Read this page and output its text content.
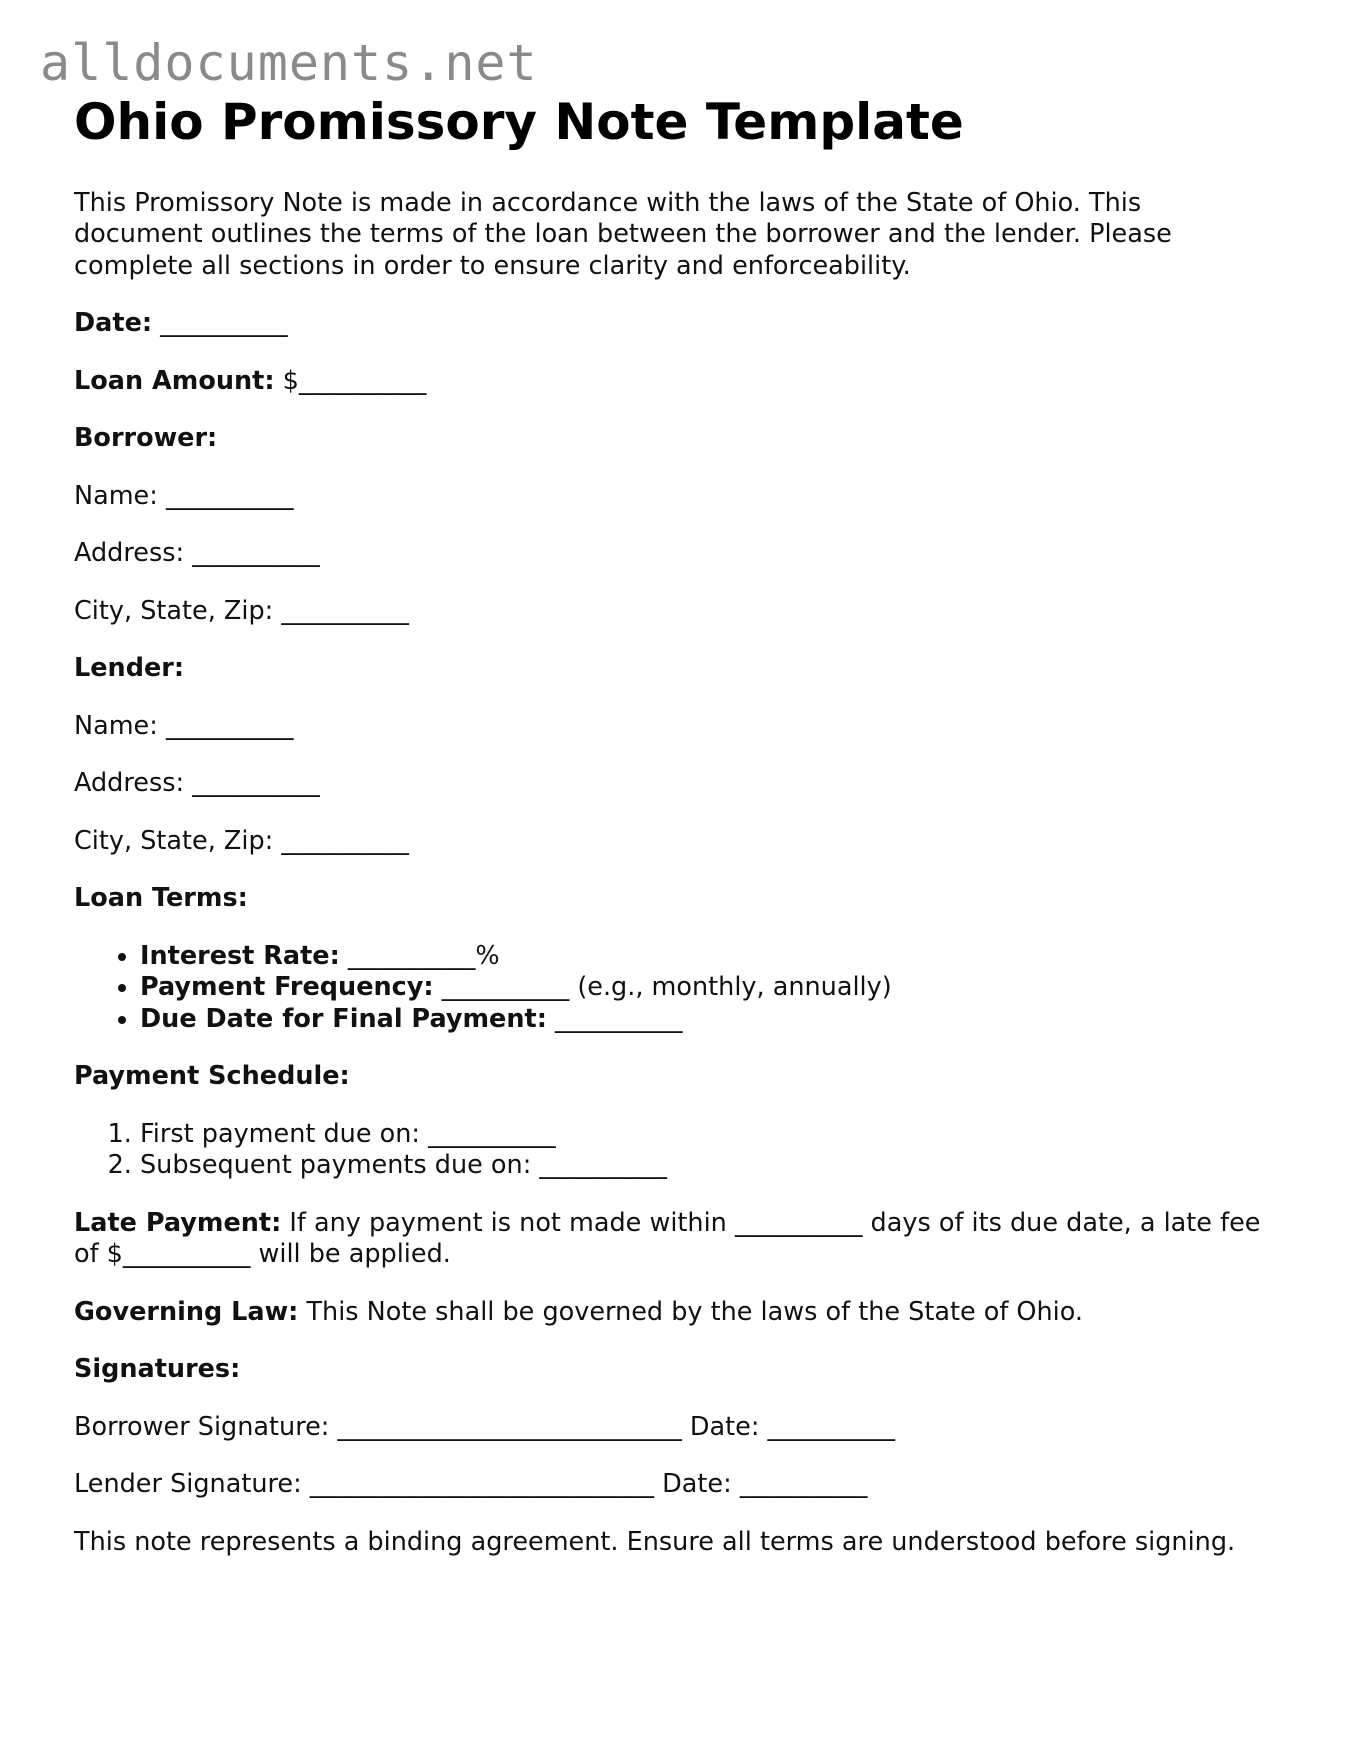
alldocuments.net
Ohio Promissory Note Template

This Promissory Note is made in accordance with the laws of the State of Ohio. This document outlines the terms of the loan between the borrower and the lender. Please complete all sections in order to ensure clarity and enforceability.

Date: __________

Loan Amount: $__________

Borrower:

Name: __________

Address: __________

City, State, Zip: __________

Lender:

Name: __________

Address: __________

City, State, Zip: __________

Loan Terms:

• Interest Rate: __________%
• Payment Frequency: __________ (e.g., monthly, annually)
• Due Date for Final Payment: __________

Payment Schedule:

1. First payment due on: __________
2. Subsequent payments due on: __________

Late Payment: If any payment is not made within __________ days of its due date, a late fee of $__________ will be applied.

Governing Law: This Note shall be governed by the laws of the State of Ohio.

Signatures:

Borrower Signature: ___________________________ Date: __________

Lender Signature: ___________________________ Date: __________

This note represents a binding agreement. Ensure all terms are understood before signing.
